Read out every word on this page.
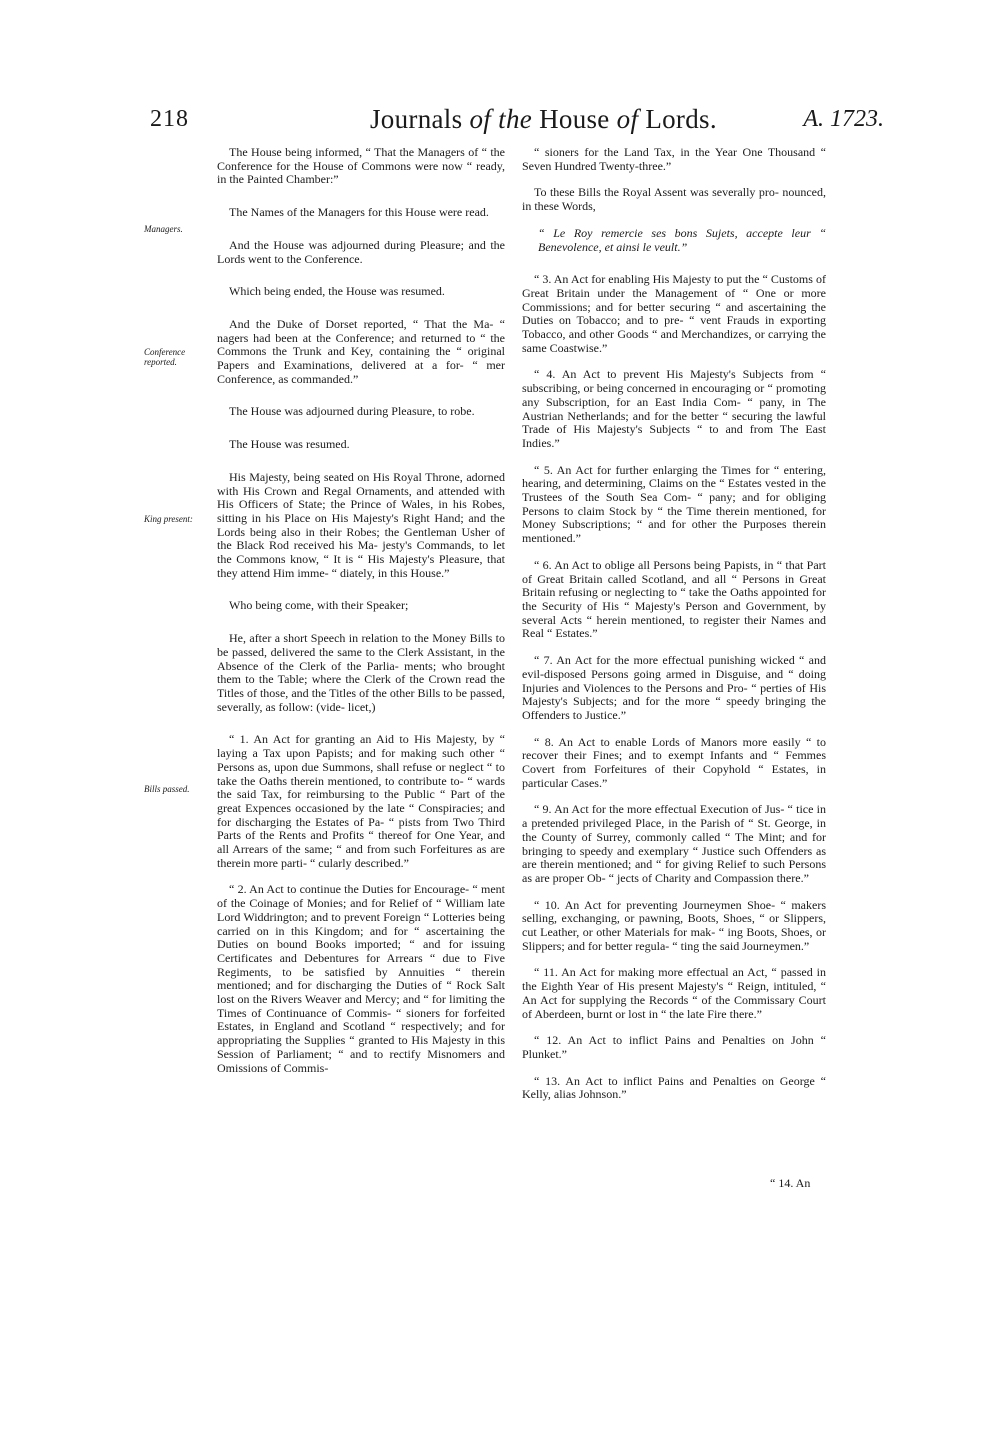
218	Journals of the House of Lords.	A. 1723.
Managers.
Conference reported.
King present:
Bills passed.

The House being informed, “ That the Managers of “ the Conference for the House of Commons were now “ ready, in the Painted Chamber:”

The Names of the Managers for this House were read.

And the House was adjourned during Pleasure; and the Lords went to the Conference.

Which being ended, the House was resumed.

And the Duke of Dorset reported, “ That the Ma- “ nagers had been at the Conference; and returned to “ the Commons the Trunk and Key, containing the “ original Papers and Examinations, delivered at a for- “ mer Conference, as commanded.”

The House was adjourned during Pleasure, to robe.

The House was resumed.

His Majesty, being seated on His Royal Throne, adorned with His Crown and Regal Ornaments, and attended with His Officers of State; the Prince of Wales, in his Robes, sitting in his Place on His Majesty's Right Hand; and the Lords being also in their Robes; the Gentleman Usher of the Black Rod received his Ma- jesty's Commands, to let the Commons know, “ It is “ His Majesty's Pleasure, that they attend Him imme- “ diately, in this House.”

Who being come, with their Speaker;

He, after a short Speech in relation to the Money Bills to be passed, delivered the same to the Clerk Assistant, in the Absence of the Clerk of the Parlia- ments; who brought them to the Table; where the Clerk of the Crown read the Titles of those, and the Titles of the other Bills to be passed, severally, as follow: (vide- licet,)

“ 1. An Act for granting an Aid to His Majesty, by “ laying a Tax upon Papists; and for making such other “ Persons as, upon due Summons, shall refuse or neglect “ to take the Oaths therein mentioned, to contribute to- “ wards the said Tax, for reimbursing to the Public “ Part of the great Expences occasioned by the late “ Conspiracies; and for discharging the Estates of Pa- “ pists from Two Third Parts of the Rents and Profits “ thereof for One Year, and all Arrears of the same; “ and from such Forfeitures as are therein more parti- “ cularly described.”

“ 2. An Act to continue the Duties for Encourage- “ ment of the Coinage of Monies; and for Relief of “ William late Lord Widdrington; and to prevent Foreign “ Lotteries being carried on in this Kingdom; and for “ ascertaining the Duties on bound Books imported; “ and for issuing Certificates and Debentures for Arrears “ due to Five Regiments, to be satisfied by Annuities “ therein mentioned; and for discharging the Duties of “ Rock Salt lost on the Rivers Weaver and Mercy; and “ for limiting the Times of Continuance of Commis- “ sioners for forfeited Estates, in England and Scotland “ respectively; and for appropriating the Supplies “ granted to His Majesty in this Session of Parliament; “ and to rectify Misnomers and Omissions of Commis-

“ sioners for the Land Tax, in the Year One Thousand “ Seven Hundred Twenty-three.”

To these Bills the Royal Assent was severally pro- nounced, in these Words,

“ Le Roy remercie ses bons Sujets, accepte leur “ Benevolence, et ainsi le veult.”

“ 3. An Act for enabling His Majesty to put the “ Customs of Great Britain under the Management of “ One or more Commissions; and for better securing “ and ascertaining the Duties on Tobacco; and to pre- “ vent Frauds in exporting Tobacco, and other Goods “ and Merchandizes, or carrying the same Coastwise.”

“ 4. An Act to prevent His Majesty's Subjects from “ subscribing, or being concerned in encouraging or “ promoting any Subscription, for an East India Com- “ pany, in The Austrian Netherlands; and for the better “ securing the lawful Trade of His Majesty's Subjects “ to and from The East Indies.”

“ 5. An Act for further enlarging the Times for “ entering, hearing, and determining, Claims on the “ Estates vested in the Trustees of the South Sea Com- “ pany; and for obliging Persons to claim Stock by “ the Time therein mentioned, for Money Subscriptions; “ and for other the Purposes therein mentioned.”

“ 6. An Act to oblige all Persons being Papists, in “ that Part of Great Britain called Scotland, and all “ Persons in Great Britain refusing or neglecting to “ take the Oaths appointed for the Security of His “ Majesty's Person and Government, by several Acts “ herein mentioned, to register their Names and Real “ Estates.”

“ 7. An Act for the more effectual punishing wicked “ and evil-disposed Persons going armed in Disguise, and “ doing Injuries and Violences to the Persons and Pro- “ perties of His Majesty's Subjects; and for the more “ speedy bringing the Offenders to Justice.”

“ 8. An Act to enable Lords of Manors more easily “ to recover their Fines; and to exempt Infants and “ Femmes Covert from Forfeitures of their Copyhold “ Estates, in particular Cases.”

“ 9. An Act for the more effectual Execution of Jus- “ tice in a pretended privileged Place, in the Parish of “ St. George, in the County of Surrey, commonly called “ The Mint; and for bringing to speedy and exemplary “ Justice such Offenders as are therein mentioned; and “ for giving Relief to such Persons as are proper Ob- “ jects of Charity and Compassion there.”

“ 10. An Act for preventing Journeymen Shoe- “ makers selling, exchanging, or pawning, Boots, Shoes, “ or Slippers, cut Leather, or other Materials for mak- “ ing Boots, Shoes, or Slippers; and for better regula- “ ting the said Journeymen.”

“ 11. An Act for making more effectual an Act, “ passed in the Eighth Year of His present Majesty's “ Reign, intituled, “ An Act for supplying the Records “ of the Commissary Court of Aberdeen, burnt or lost in “ the late Fire there.”

“ 12. An Act to inflict Pains and Penalties on John “ Plunket.”

“ 13. An Act to inflict Pains and Penalties on George “ Kelly, alias Johnson.”

“ 14. An
